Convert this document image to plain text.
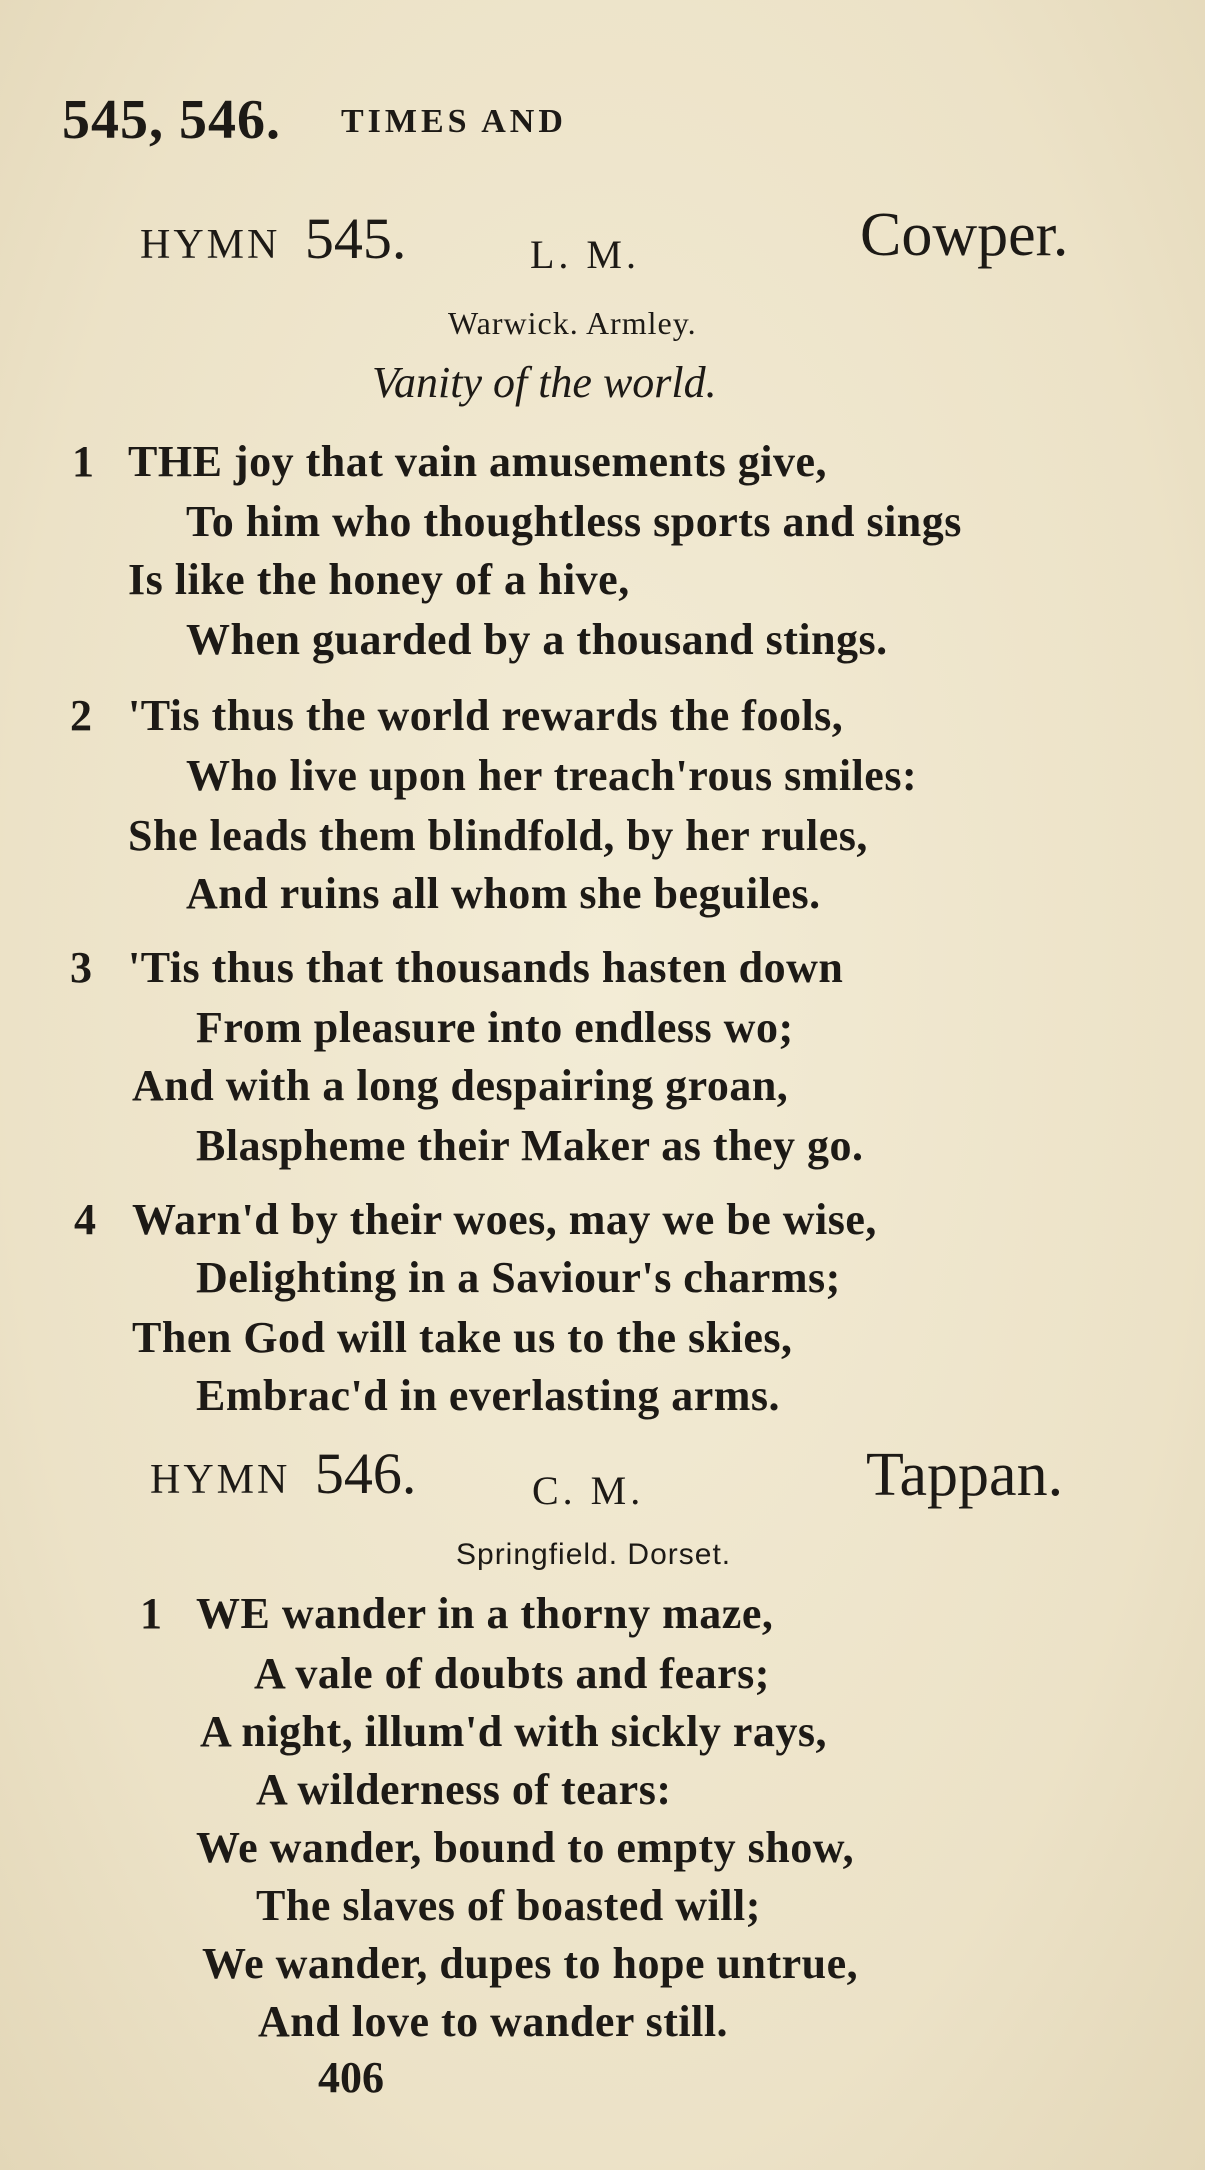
545, 546. TIMES AND
HYMN 545.	L. M.	Cowper.
Warwick. Armley.
Vanity of the world.
1 THE joy that vain amusements give,
To him who thoughtless sports and sings
Is like the honey of a hive,
When guarded by a thousand stings.
2 'Tis thus the world rewards the fools,
Who live upon her treach'rous smiles:
She leads them blindfold, by her rules,
And ruins all whom she beguiles.
3 'Tis thus that thousands hasten down
From pleasure into endless wo;
And with a long despairing groan,
Blaspheme their Maker as they go.
4 Warn'd by their woes, may we be wise,
Delighting in a Saviour's charms;
Then God will take us to the skies,
Embrac'd in everlasting arms.
HYMN 546.	C. M.	Tappan.
Springfield. Dorset.
1 WE wander in a thorny maze,
A vale of doubts and fears;
A night, illum'd with sickly rays,
A wilderness of tears:
We wander, bound to empty show,
The slaves of boasted will;
We wander, dupes to hope untrue,
And love to wander still.
406
